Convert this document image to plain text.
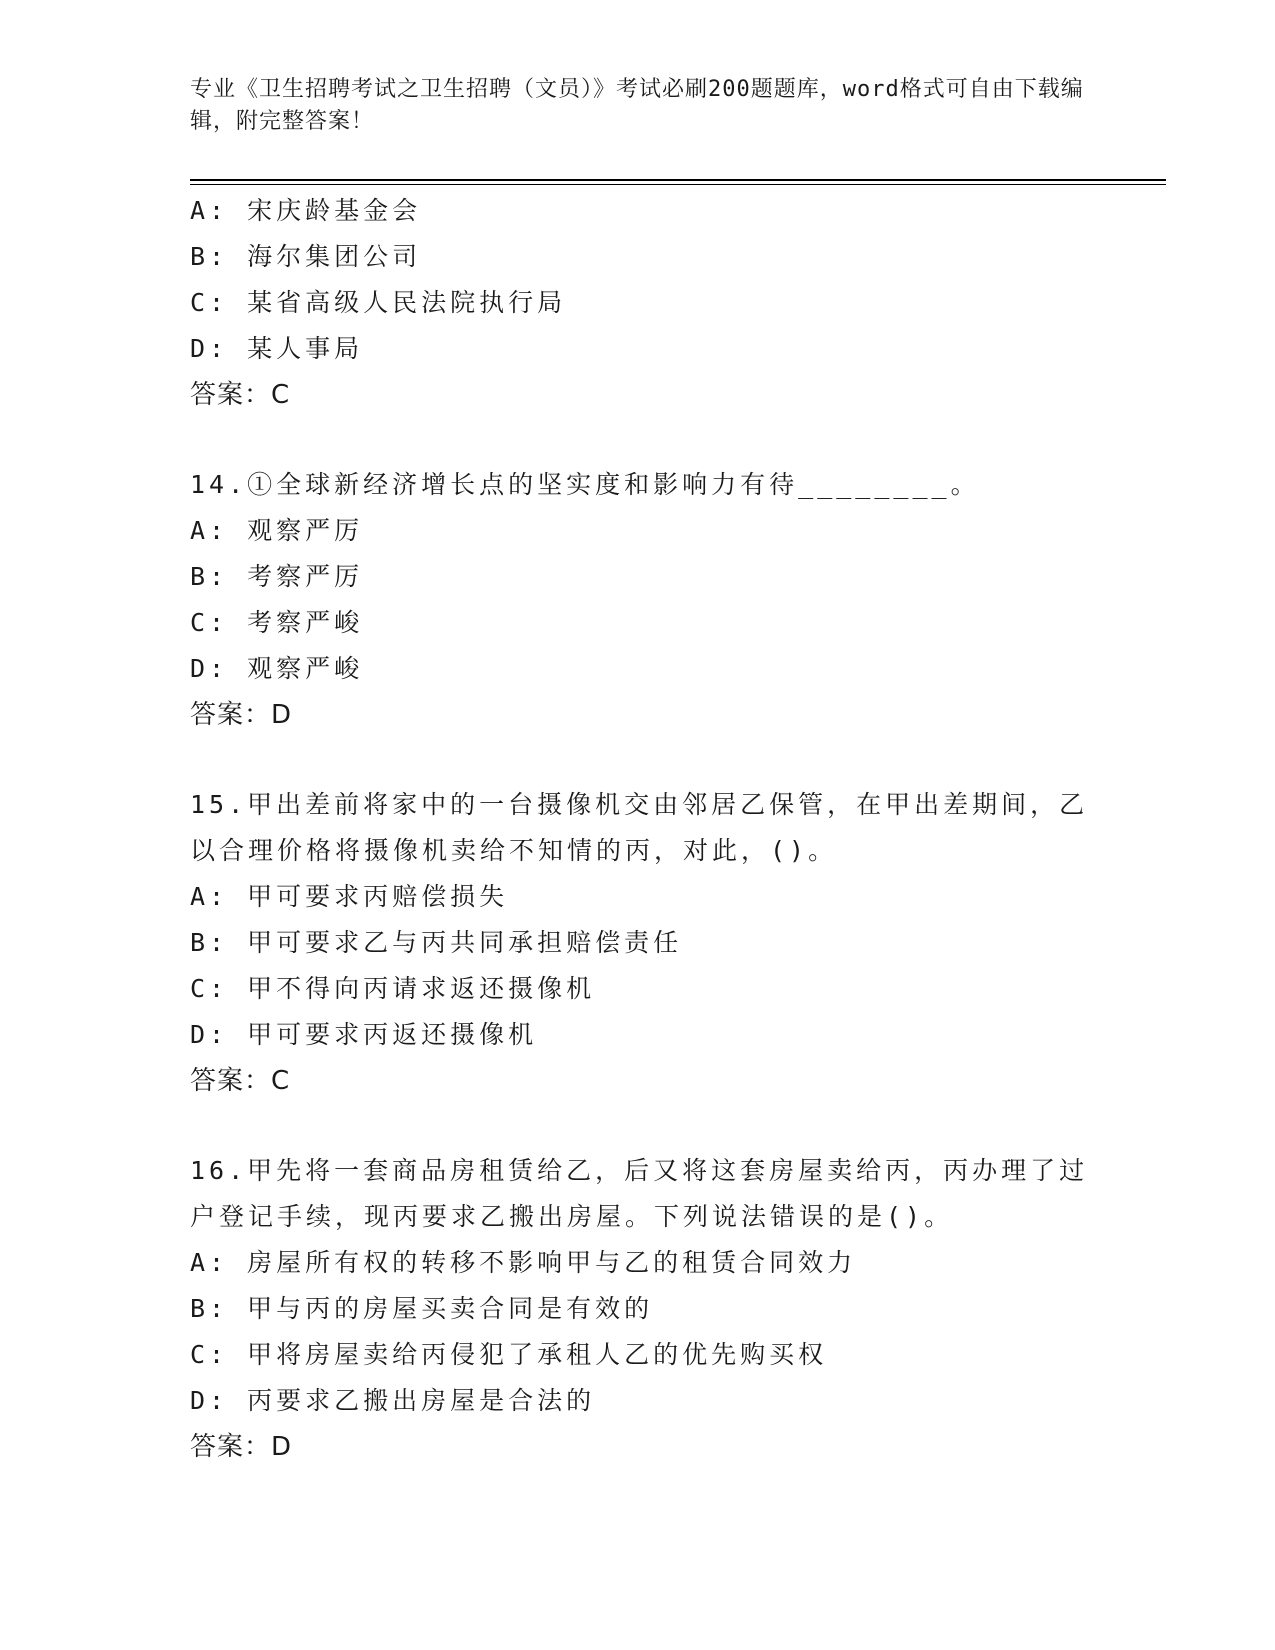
专业《卫生招聘考试之卫生招聘（文员）》考试必刷200题题库，word格式可自由下载编辑，附完整答案！
A: 宋庆龄基金会
B: 海尔集团公司
C: 某省高级人民法院执行局
D: 某人事局
答案：C
14.①全球新经济增长点的坚实度和影响力有待________。
A: 观察严厉
B: 考察严厉
C: 考察严峻
D: 观察严峻
答案：D
15.甲出差前将家中的一台摄像机交由邻居乙保管，在甲出差期间，乙以合理价格将摄像机卖给不知情的丙，对此，()。
A: 甲可要求丙赔偿损失
B: 甲可要求乙与丙共同承担赔偿责任
C: 甲不得向丙请求返还摄像机
D: 甲可要求丙返还摄像机
答案：C
16.甲先将一套商品房租赁给乙，后又将这套房屋卖给丙，丙办理了过户登记手续，现丙要求乙搬出房屋。下列说法错误的是()。
A: 房屋所有权的转移不影响甲与乙的租赁合同效力
B: 甲与丙的房屋买卖合同是有效的
C: 甲将房屋卖给丙侵犯了承租人乙的优先购买权
D: 丙要求乙搬出房屋是合法的
答案：D
